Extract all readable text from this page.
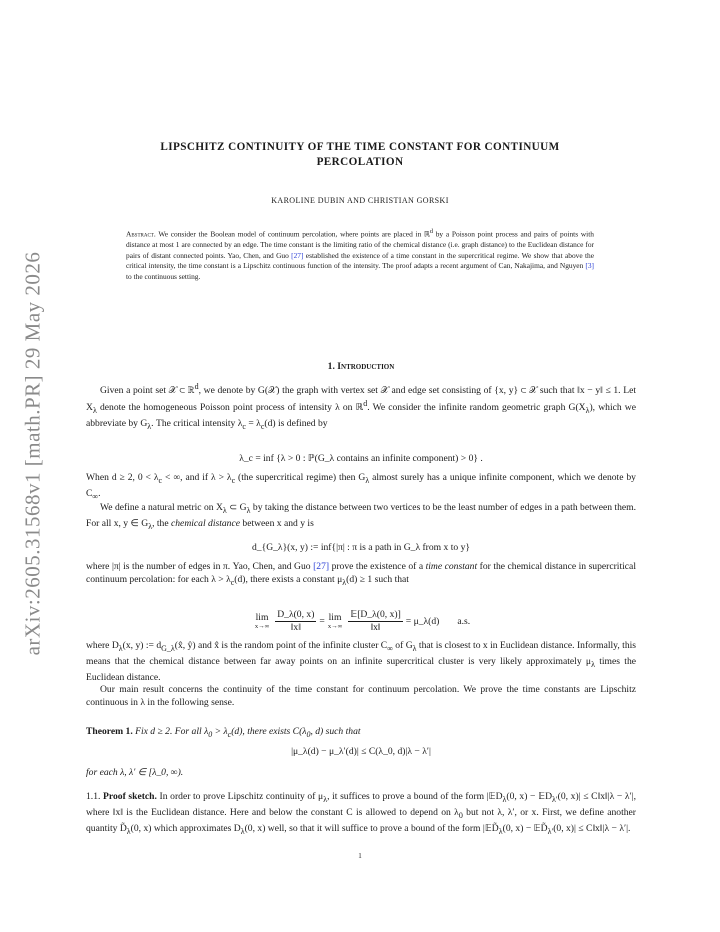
arXiv:2605.31568v1 [math.PR] 29 May 2026
LIPSCHITZ CONTINUITY OF THE TIME CONSTANT FOR CONTINUUM
PERCOLATION

KAROLINE DUBIN AND CHRISTIAN GORSKI

Abstract. We consider the Boolean model of continuum percolation, where points are placed in ℝ$^d$ by a Poisson point process and pairs of points with distance at most 1 are connected by an edge. The time constant is the limiting ratio of the chemical distance (i.e. graph distance) to the Euclidean distance for pairs of distant connected points. Yao, Chen, and Guo [27] established the existence of a time constant in the supercritical regime. We show that above the critical intensity, the time constant is a Lipschitz continuous function of the intensity. The proof adapts a recent argument of Can, Nakajima, and Nguyen [3] to the continuous setting.

1. Introduction

Given a point set 𝒳 ⊂ ℝ$^d$, we denote by G(𝒳) the graph with vertex set 𝒳 and edge set consisting of {x, y} ⊂ 𝒳 such that ‖x − y‖ ≤ 1. Let $X_\lambda$ denote the homogeneous Poisson point process of intensity λ on ℝ$^d$. We consider the infinite random geometric graph $G(X_\lambda)$, which we abbreviate by $G_\lambda$. The critical intensity $\lambda_c = \lambda_c(d)$ is defined by

λ_c = inf {λ > 0 : ℙ(G_λ contains an infinite component) > 0} .

When d ≥ 2, $0 < \lambda_c$ < ∞, and if $\lambda > \lambda_c$ (the supercritical regime) then $G_\lambda$ almost surely has a unique infinite component, which we denote by $C_\infty$.

We define a natural metric on $X_\lambda$ ⊂ $G_\lambda$ by taking the distance between two vertices to be the least number of edges in a path between them. For all x, y ∈ $G_\lambda$, the chemical distance between x and y is

d_{G_λ}(x, y) := inf{|π| : π is a path in G_λ from x to y}

where |π| is the number of edges in π. Yao, Chen, and Guo [27] prove the existence of a time constant for the chemical distance in supercritical continuum percolation: for each $\lambda > \lambda_c(d)$, there exists a constant $\mu_\lambda(d) \ge 1$ such that

lim
$x\to\infty \frac{D\_\lambda(0, x)}{‖x‖} = \lim$
$x\to\infty \frac{\text{𝔼[D\_λ(0, x)]}}{‖x‖}$ = μ_λ(d) a.s.

where $D_\lambda(x$, y) := $d_{G\_\lambda}(x̂$, ŷ) and x̂ is the random point of the infinite cluster $C_\infty$ of $G_\lambda$ that is closest to x in Euclidean distance. Informally, this means that the chemical distance between far away points on an infinite supercritical cluster is very likely approximately $\mu_\lambda$ times the Euclidean distance.

Our main result concerns the continuity of the time constant for continuum percolation. We prove the time constants are Lipschitz continuous in λ in the following sense.

Theorem 1. Fix d ≥ 2. For all $\lambda_0 > \lambda_c(d)$, there exists $C(\lambda_0$, d) such that

|μ_λ(d) − μ_λ′(d)| ≤ C(λ_0, d)|λ − λ′|

for each λ, λ′ ∈ [λ_0, ∞).

1.1. Proof sketch. In order to prove Lipschitz continuity of $\mu_\lambda$, it suffices to prove a bound of the form |𝔼D$_\lambda$(0, x) − 𝔼D$_{\lambda'}$(0, x)| ≤ C‖x‖|λ − λ′|, where ‖x‖ is the Euclidean distance. Here and below the constant C is allowed to depend on $\lambda_0$ but not λ, λ′, or x. First, we define another quantity $D̃_\lambda(0$, x) which approximates $D_\lambda(0$, x) well, so that it will suffice to prove a bound of the form $|𝔼D̃_\lambda(0$, $x) - 𝔼D̃_{\lambda'}(0$, x)| ≤ C‖x‖|λ − λ′|.

1
